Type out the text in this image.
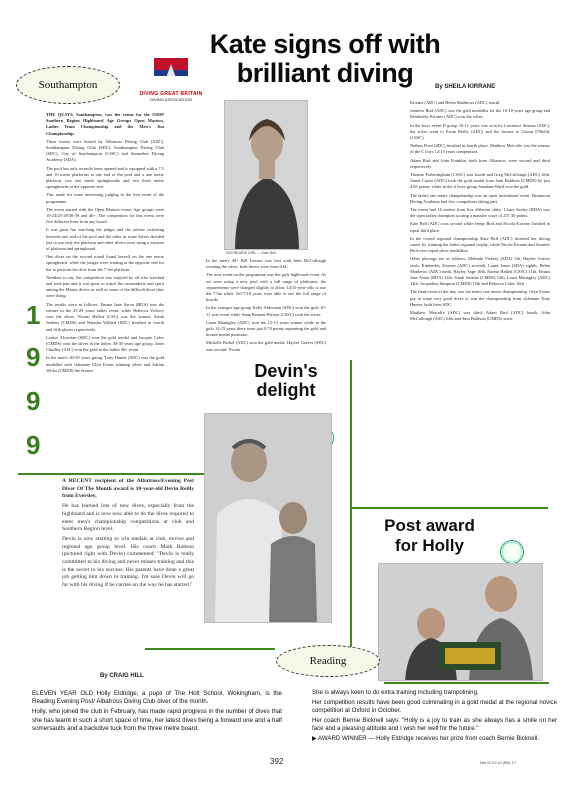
Kate signs off with brilliant diving	By SHEILA KIRRANE
Southampton
DIVING GREAT BRITAIN
DIVING ASSOCIATION

THE QUAYS, Southampton, was the venue for the OSDP Southern Region Highboard Age Groups Open Masters, Ladies Team Championship and the Men's Jim Championship.

These events were hosted by Albatross Diving Club (ADC), Southampton Diving Club (SDC), Southampton Diving Club (SDC), City of Southampton (CSSC) and Sunseeker Diving Academy (SDA).

The pool has only recently been opened and is equipped with a 7.5 and 10 metre platforms at one end of the pool and a one metre platform, two one metre springboards and two three metre springboards at the opposite end.

This made for some interesting judging in the first event of the programme.

The event started with the Open Masters event. Age groups were 19-24/25-29/30-39 and 40+. The competitors for this event were five different lines from any board.

It was great fun watching the judges and the referee switching between one end of the pool and the other as some divers decided just to use only the platform and other divers were using a mixture of platform and springboard.

One diver on the second round found herself on the one metre springboard, while the judges were waiting at the opposite end for her to perform her dive from the 7.5m platform.

Needless to say, the competition was enjoyed by all who watched and took part and it was great to watch the camaraderie and spirit among the Master divers as well as some of the difficult dives they were doing.

The results were as follows: Emma Jane Aston (BDA) was the winner in the 25-29 years ladies event, while Rebecca Vickery won the silver, Naomi Hallett (CSC) was the winner, Sarah Jenkins (CMDS) and Natasha Willard (SDC) finished in fourth and fifth places respectively.

Louise Alcorrian (SDC) won the gold medal and Jacquie Coles (CMDS) won the silver in the ladies 30-39 years age group. Janet Chudley (ASC) won the gold in the ladies 40+ event.

In the men's 30-39 years group, Tony Hunter (SDC) was the gold medallist with clubmate Glyn Evans winning silver and Adrian Wicks (CMDS) the bronze.

1
9
9
9
HIGHBOARD GIRL — Kate Bell

In the men's 40+ Bill Lemaw was first with John McCullough winning the silver, both divers were from ASC.

The next event on the programme was the girls highboard event. As we were using a new pool with a full range of platforms, the requirements were changed slightly to allow 14/15-year-olds to use the 7.5m while 16/17/18 years were able to use the full range of boards.

In the younger age group Kelly Alderman (SDC) won the girls 10-11 year event while Anna Bennett-Britton (CSSC) took the silver.

Laura Matingley (ADC) won the 12-13 years winner while in the girls 14-15 years there were just 0.70 points separating the gold and bronze medal positions.

Michelle Bickel (ADC) won the gold medal, Haylee Graves (SDC) was second, Nicola

Kirrane (ADC) and Helen Matthews (ADC) fourth.

Jennifer Bird (ADC) was the gold medallist for the 16-18 years age group and Kimberley Kirrane (ADC) won the silver.

In the boys event D group 10-11 years was won by Lawrence Simons (SDC), the silver went to Ewan Reilly (ADC) and the bronze to Ciaran O'Reilly (CSSC).

Nathan Frost (SDC) finished in fourth place. Matthew Metcalfe was the winner of the C boys 12/13 years competition.

Adam Bird and John Franklin, both from Albatross, were second and third respectively.

Thomas Fotheringham (CSSC) was fourth and Greg McCullough (ADC) fifth. James Carter (ADC) took the gold medal from Sam Baldwin (CMDS) by just 4.85 points, while in the A boys group Jonathan Ward won the gold.

The ladies one metre championship was an open invitational event. Beaumont Diving Academy had five competitors taking part.

The event had 16 entries from five different clubs. Claire Seeley (BDA) was the open ladies champion scoring a massive score of 257.30 points.

Kate Bell (ADC) was second while Jenny Bird and Nicola Kirrane finished in equal third place.

In the closed regional championship Kate Bell (ADC) finished her diving career by winning the ladies regional trophy, while Nicola Kirrane and Jennifer Bird were equal silver medallists.

Other placings are as follows: Melinda Vickery (SDA) 5th, Haylee Graves sixth, Kimberley Kirrane (ADC) seventh, Laura Jones (SDA) eighth, Helen Matthews (ADC) ninth, Hayley Sage 10th, Naomi Hallett (CSSC) 11th, Emma Jane Aston (BDA) 12th, Sarah Jenkins (CMDS) 13th, Laura Matingley (ADC) 14th, Jacqueline Simpson (CMDS) 15th and Rebecca Coles 16th.

The final event of the day was the men's one metre championship. Glyn Evans put in some very good dives to win the championship from clubmate Tony Hunter, both from SDC.

Matthew Metcalfe (ADC) was third, Adam Bird (ADC) fourth, John McCullough (ASC) fifth and Sam Baldwin (CMDS) sixth.

Devin's delight

A RECENT recipient of the Albatross/Evening Post Diver Of The Month award is 10-year-old Devin Reilly from Eversley.

He has learned lots of new dives, especially from the highboard and is now now able to do the dives required to enter men's championship competitions at club and Southern Region level.

Devin is now starting to win medals at club, novice and regional age group level. His coach Mark Robson (pictured right with Devin) commented: "Devin is really committed to his diving and never misses training and this is the secret to his success. His parents have done a great job getting him down to training. I'm sure Devin will go far with his diving if he carries on the way he has started."

By CRAIG HILL
Post award for Holly
Reading

ELEVEN YEAR OLD Holly Eldridge, a pupil of The Holt School, Wokingham, is the Reading Evening Post/ Albatross Diving Club diver of the month.

Holly, who joined the club in February, has made rapid progress in the number of dives that she has learnt in such a short space of time, her latest dives being a forward one and a half somersaults and a backdive tuck from the three metre board.

She is always keen to do extra training including trampolining.

Her competition results have been good culminating in a gold medal at the regional novice competition at Oxford in October.

Her coach Bernie Bicknell says: "Holly is a joy to train as she always has a smile on her face and a pleasing attitude and I wish her well for the future."

▶ AWARD WINNER — Holly Eldridge receives her prize from coach Bernie Bicknell.

392	Mar 02 0.0 10 (Ref) 1/7
